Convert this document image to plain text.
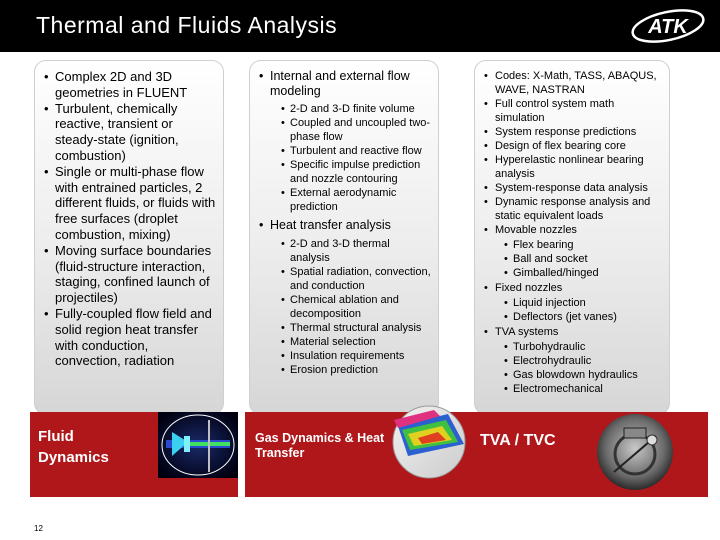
Thermal and Fluids Analysis	ATK
• Complex 2D and 3D geometries in FLUENT
• Turbulent, chemically reactive, transient or steady-state (ignition, combustion)
• Single or multi-phase flow with entrained particles, 2 different fluids, or fluids with free surfaces (droplet combustion, mixing)
• Moving surface boundaries (fluid-structure interaction, staging, confined launch of projectiles)
• Fully-coupled flow field and solid region heat transfer with conduction, convection, radiation
• Internal and external flow modeling
• 2-D and 3-D finite volume
• Coupled and uncoupled two-phase flow
• Turbulent and reactive flow
• Specific impulse prediction and nozzle contouring
• External aerodynamic prediction
• Heat transfer analysis
• 2-D and 3-D thermal analysis
• Spatial radiation, convection, and conduction
• Chemical ablation and decomposition
• Thermal structural analysis
• Material selection
• Insulation requirements
• Erosion prediction
• Codes: X-Math, TASS, ABAQUS, WAVE, NASTRAN
• Full control system math simulation
• System response predictions
• Design of flex bearing core
• Hyperelastic nonlinear bearing analysis
• System-response data analysis
• Dynamic response analysis and static equivalent loads
• Movable nozzles
• Flex bearing
• Ball and socket
• Gimballed/hinged
• Fixed nozzles
• Liquid injection
• Deflectors (jet vanes)
• TVA systems
• Turbohydraulic
• Electrohydraulic
• Gas blowdown hydraulics
• Electromechanical
Fluid Dynamics
Gas Dynamics & Heat Transfer
TVA / TVC
12
